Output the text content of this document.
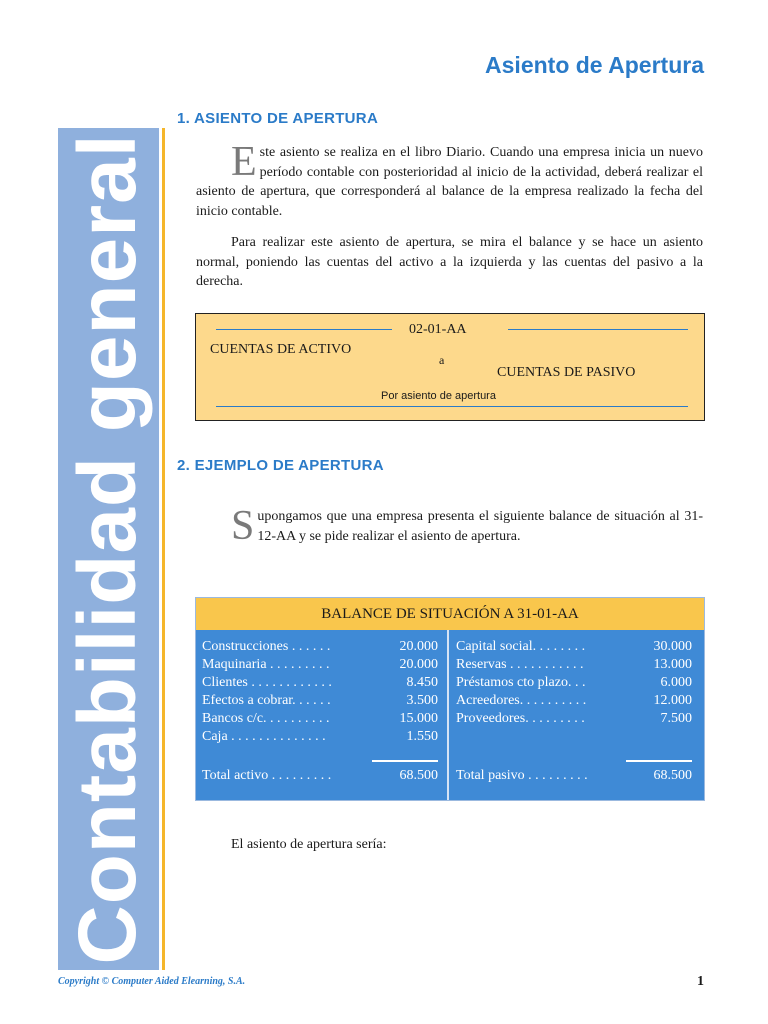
Asiento de Apertura
Contabilidad general
1. ASIENTO DE APERTURA

Este asiento se realiza en el libro Diario. Cuando una empresa inicia un nuevo período contable con posterioridad al inicio de la actividad, deberá realizar el asiento de apertura, que corresponderá al balance de la empresa realizado la fecha del inicio contable.

Para realizar este asiento de apertura, se mira el balance y se hace un asiento normal, poniendo las cuentas del activo a la izquierda y las cuentas del pasivo a la derecha.

02-01-AA
CUENTAS DE ACTIVO
a
CUENTAS DE PASIVO
Por asiento de apertura
2. EJEMPLO DE APERTURA

Supongamos que una empresa presenta el siguiente balance de situación al 31-12-AA y se pide realizar el asiento de apertura.

BALANCE DE SITUACIÓN A 31-01-AA
Construcciones . . . . . .	20.000
Maquinaria . . . . . . . . .	20.000
Clientes . . . . . . . . . . . .	8.450
Efectos a cobrar. . . . . .	3.500
Bancos c/c. . . . . . . . . .	15.000
Caja . . . . . . . . . . . . . .	1.550
Total activo . . . . . . . . .	68.500
Capital social. . . . . . . .	30.000
Reservas . . . . . . . . . . .	13.000
Préstamos cto plazo. . .	6.000
Acreedores. . . . . . . . . .	12.000
Proveedores. . . . . . . . .	7.500
Total pasivo . . . . . . . . .	68.500

El asiento de apertura sería:

Copyright © Computer Aided Elearning, S.A.	1
